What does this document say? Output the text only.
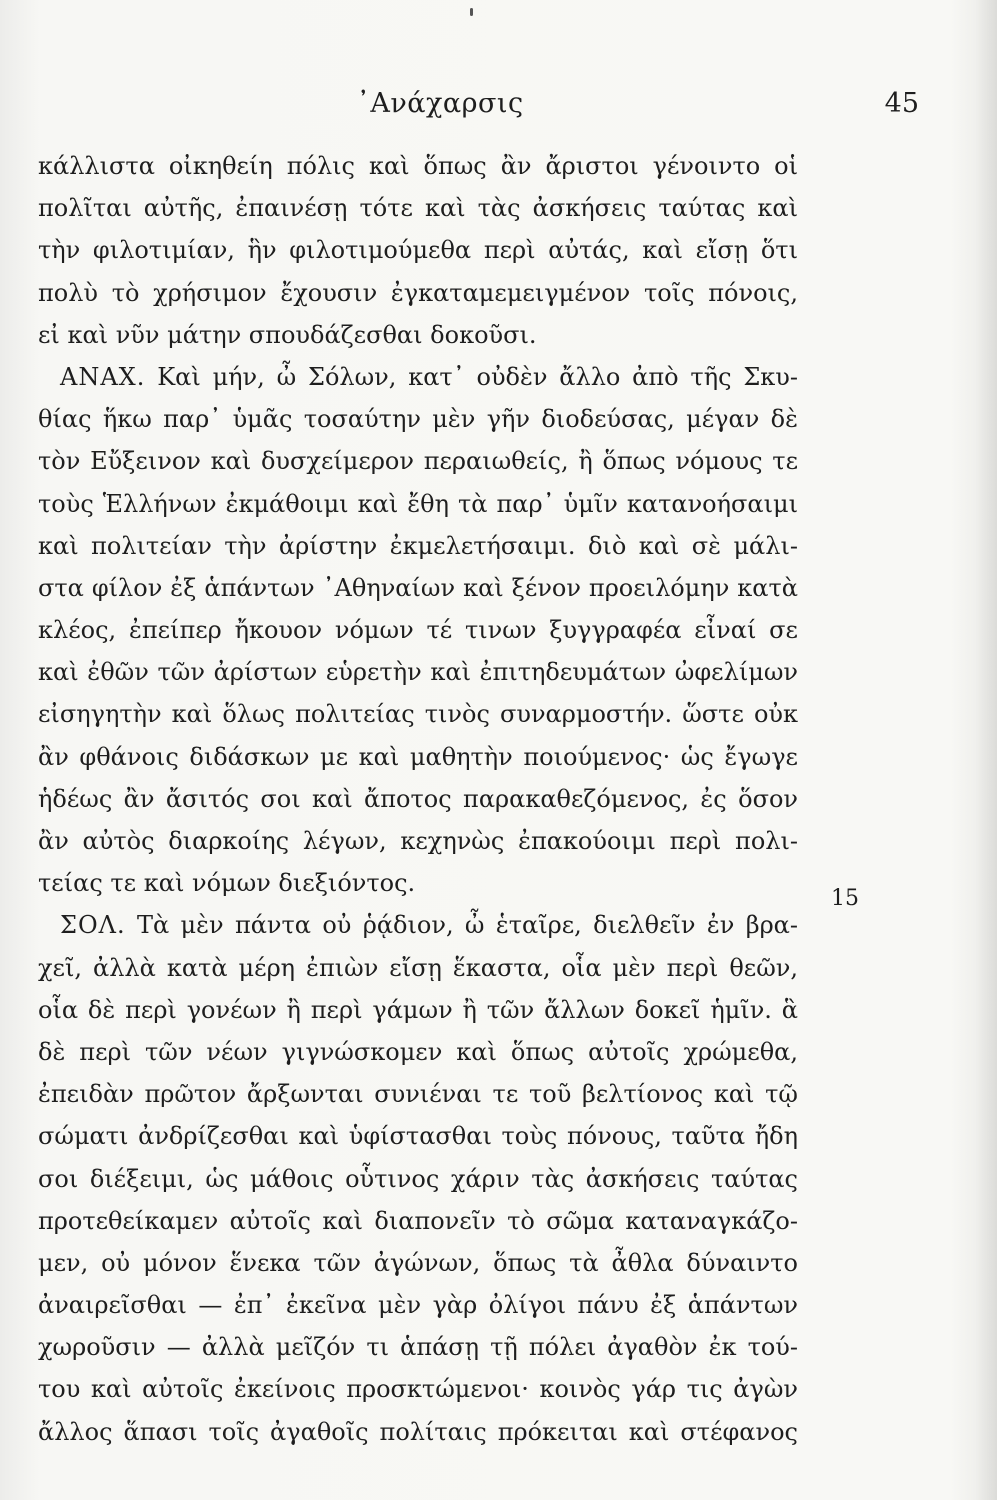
᾿Ανάχαρσις	45
κάλλιστα οἰκηθείη πόλις καὶ ὅπως ἂν ἄριστοι γένοιντο οἱ
πολῖται αὐτῆς, ἐπαινέσῃ τότε καὶ τὰς ἀσκήσεις ταύτας καὶ
τὴν φιλοτιμίαν, ἣν φιλοτιμούμεθα περὶ αὐτάς, καὶ εἴσῃ ὅτι
πολὺ τὸ χρήσιμον ἔχουσιν ἐγκαταμεμειγμένον τοῖς πόνοις,
εἰ καὶ νῦν μάτην σπουδάζεσθαι δοκοῦσι.
ΑΝΑΧ. Καὶ μήν, ὦ Σόλων, κατ᾿ οὐδὲν ἄλλο ἀπὸ τῆς Σκυ-
θίας ἥκω παρ᾿ ὑμᾶς τοσαύτην μὲν γῆν διοδεύσας, μέγαν δὲ
τὸν Εὔξεινον καὶ δυσχείμερον περαιωθείς, ἢ ὅπως νόμους τε
τοὺς Ἑλλήνων ἐκμάθοιμι καὶ ἔθη τὰ παρ᾿ ὑμῖν κατανοήσαιμι
καὶ πολιτείαν τὴν ἀρίστην ἐκμελετήσαιμι. διὸ καὶ σὲ μάλι-
στα φίλον ἐξ ἁπάντων ᾿Αθηναίων καὶ ξένον προειλόμην κατὰ
κλέος, ἐπείπερ ἤκουον νόμων τέ τινων ξυγγραφέα εἶναί σε
καὶ ἐθῶν τῶν ἀρίστων εὑρετὴν καὶ ἐπιτηδευμάτων ὠφελίμων
εἰσηγητὴν καὶ ὅλως πολιτείας τινὸς συναρμοστήν. ὥστε οὐκ
ἂν φθάνοις διδάσκων με καὶ μαθητὴν ποιούμενος· ὡς ἔγωγε
ἡδέως ἂν ἄσιτός σοι καὶ ἄποτος παρακαθεζόμενος, ἐς ὅσον
ἂν αὐτὸς διαρκοίης λέγων, κεχηνὼς ἐπακούοιμι περὶ πολι-
τείας τε καὶ νόμων διεξιόντος.
ΣΟΛ. Τὰ μὲν πάντα οὐ ῥᾴδιον, ὦ ἑταῖρε, διελθεῖν ἐν βρα-
χεῖ, ἀλλὰ κατὰ μέρη ἐπιὼν εἴσῃ ἕκαστα, οἷα μὲν περὶ θεῶν,
οἷα δὲ περὶ γονέων ἢ περὶ γάμων ἢ τῶν ἄλλων δοκεῖ ἡμῖν. ἃ
δὲ περὶ τῶν νέων γιγνώσκομεν καὶ ὅπως αὐτοῖς χρώμεθα,
ἐπειδὰν πρῶτον ἄρξωνται συνιέναι τε τοῦ βελτίονος καὶ τῷ
σώματι ἀνδρίζεσθαι καὶ ὑφίστασθαι τοὺς πόνους, ταῦτα ἤδη
σοι διέξειμι, ὡς μάθοις οὗτινος χάριν τὰς ἀσκήσεις ταύτας
προτεθείκαμεν αὐτοῖς καὶ διαπονεῖν τὸ σῶμα καταναγκάζο-
μεν, οὐ μόνον ἕνεκα τῶν ἀγώνων, ὅπως τὰ ἆθλα δύναιντο
ἀναιρεῖσθαι — ἐπ᾿ ἐκεῖνα μὲν γὰρ ὀλίγοι πάνυ ἐξ ἁπάντων
χωροῦσιν — ἀλλὰ μεῖζόν τι ἁπάσῃ τῇ πόλει ἀγαθὸν ἐκ τού-
του καὶ αὐτοῖς ἐκείνοις προσκτώμενοι· κοινὸς γάρ τις ἀγὼν
ἄλλος ἅπασι τοῖς ἀγαθοῖς πολίταις πρόκειται καὶ στέφανος
15
